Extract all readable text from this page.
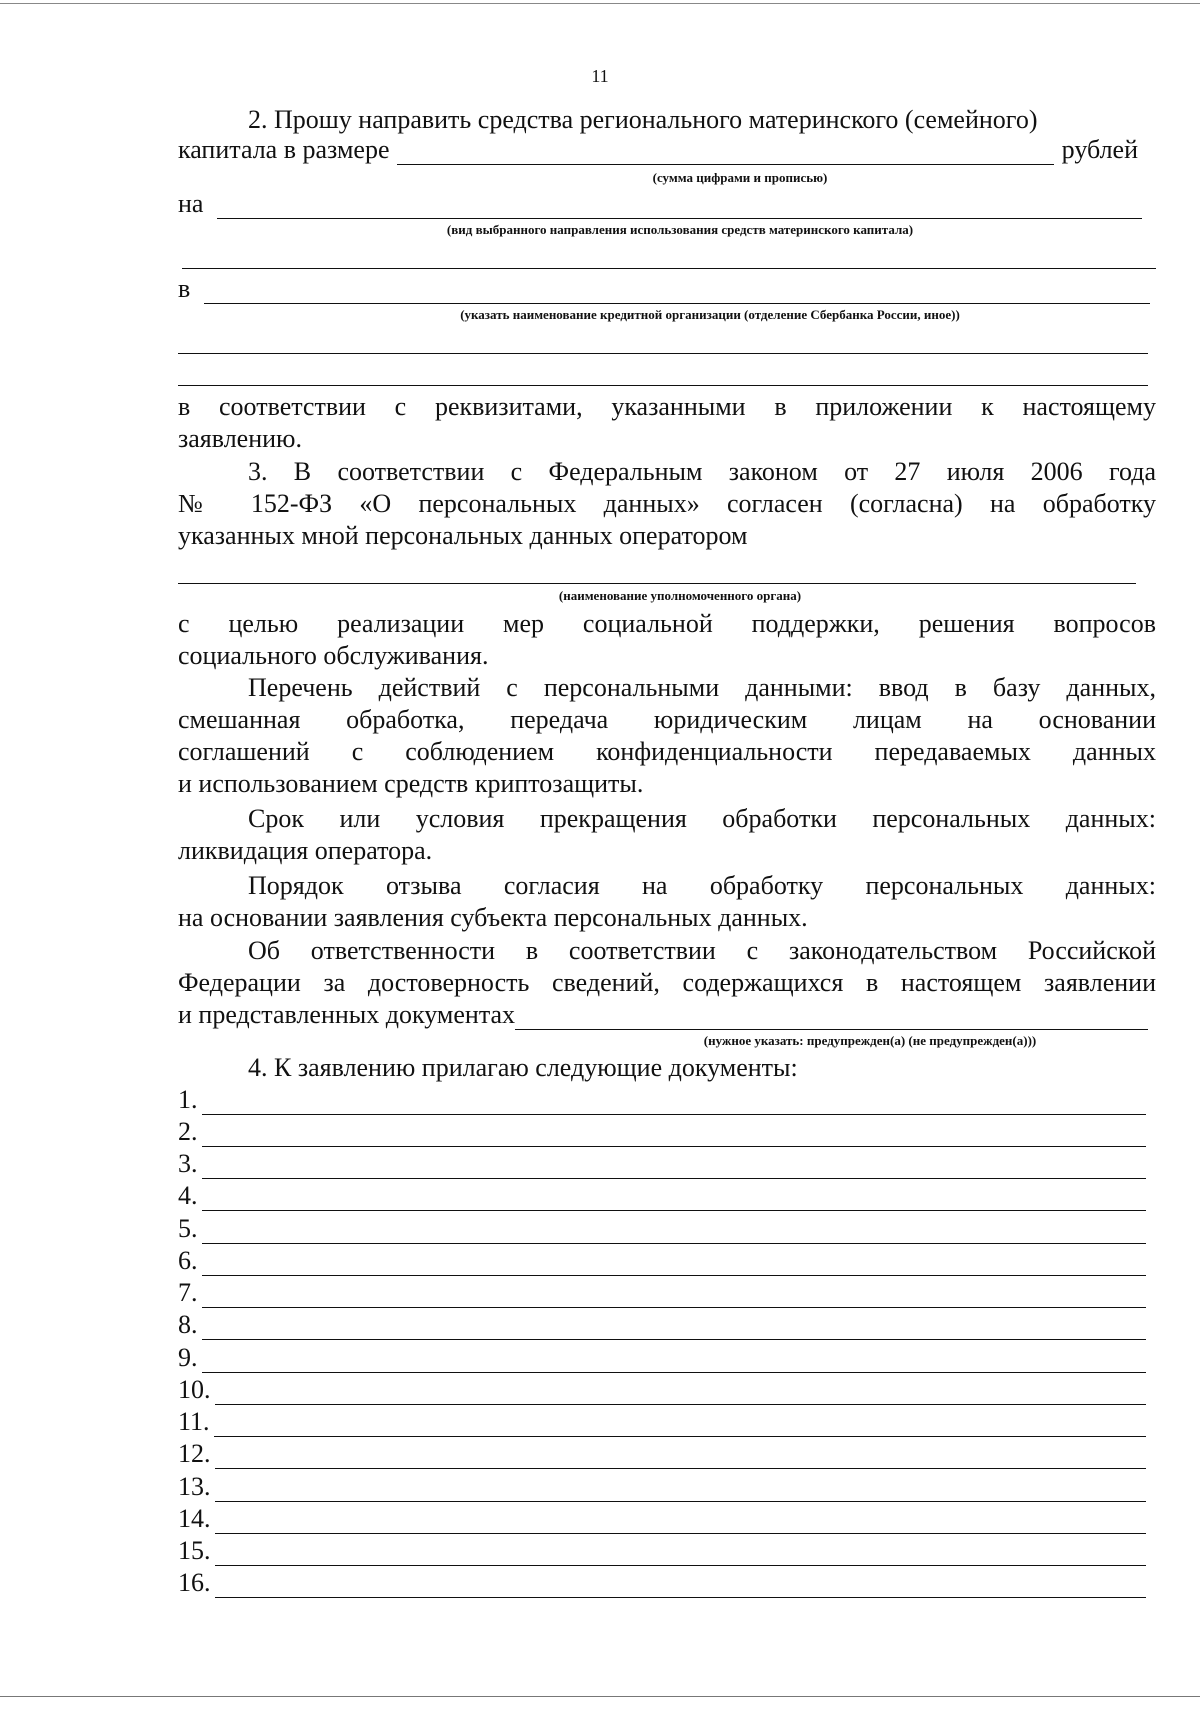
11
2. Прошу направить средства регионального материнского (семейного)
капитала в размере	рублей
(сумма цифрами и прописью)
на
(вид выбранного направления использования средств материнского капитала)
в
(указать наименование кредитной организации (отделение Сбербанка России, иное))
в соответствии с реквизитами, указанными в приложении к настоящему
заявлению.
3. В соответствии с Федеральным законом от 27 июля 2006 года
№ 152-ФЗ «О персональных данных» согласен (согласна) на обработку
указанных мной персональных данных оператором
(наименование уполномоченного органа)
с целью реализации мер социальной поддержки, решения вопросов
социального обслуживания.
Перечень действий с персональными данными: ввод в базу данных,
смешанная обработка, передача юридическим лицам на основании
соглашений с соблюдением конфиденциальности передаваемых данных
и использованием средств криптозащиты.
Срок или условия прекращения обработки персональных данных:
ликвидация оператора.
Порядок отзыва согласия на обработку персональных данных:
на основании заявления субъекта персональных данных.
Об ответственности в соответствии с законодательством Российской
Федерации за достоверность сведений, содержащихся в настоящем заявлении
и представленных документах
(нужное указать: предупрежден(а) (не предупрежден(а)))
4. К заявлению прилагаю следующие документы:
1.
2.
3.
4.
5.
6.
7.
8.
9.
10.
11.
12.
13.
14.
15.
16.
